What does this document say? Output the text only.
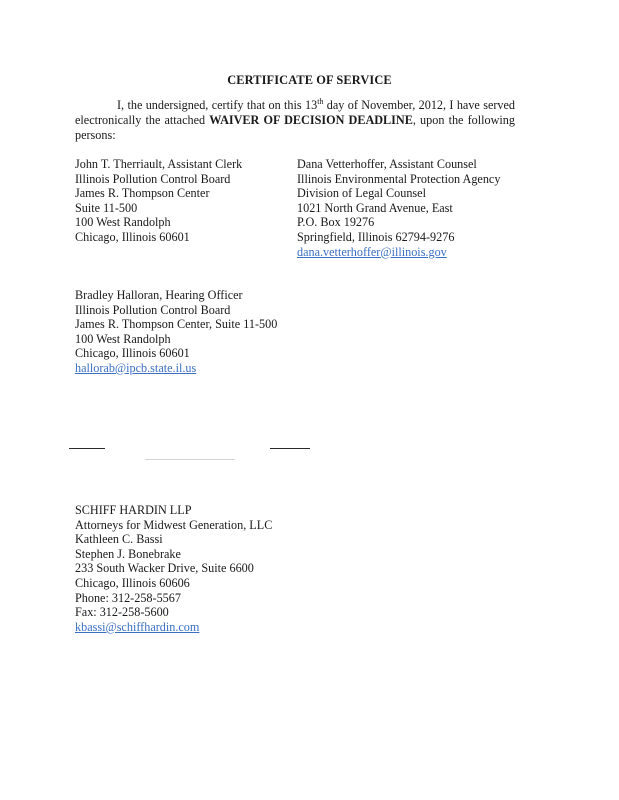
CERTIFICATE OF SERVICE
I, the undersigned, certify that on this 13th day of November, 2012, I have served electronically the attached WAIVER OF DECISION DEADLINE, upon the following persons:
John T. Therriault, Assistant Clerk
Illinois Pollution Control Board
James R. Thompson Center
Suite 11-500
100 West Randolph
Chicago, Illinois 60601
Dana Vetterhoffer, Assistant Counsel
Illinois Environmental Protection Agency
Division of Legal Counsel
1021 North Grand Avenue, East
P.O. Box 19276
Springfield, Illinois 62794-9276
dana.vetterhoffer@illinois.gov
Bradley Halloran, Hearing Officer
Illinois Pollution Control Board
James R. Thompson Center, Suite 11-500
100 West Randolph
Chicago, Illinois 60601
hallorab@ipcb.state.il.us
SCHIFF HARDIN LLP
Attorneys for Midwest Generation, LLC
Kathleen C. Bassi
Stephen J. Bonebrake
233 South Wacker Drive, Suite 6600
Chicago, Illinois 60606
Phone: 312-258-5567
Fax: 312-258-5600
kbassi@schiffhardin.com
